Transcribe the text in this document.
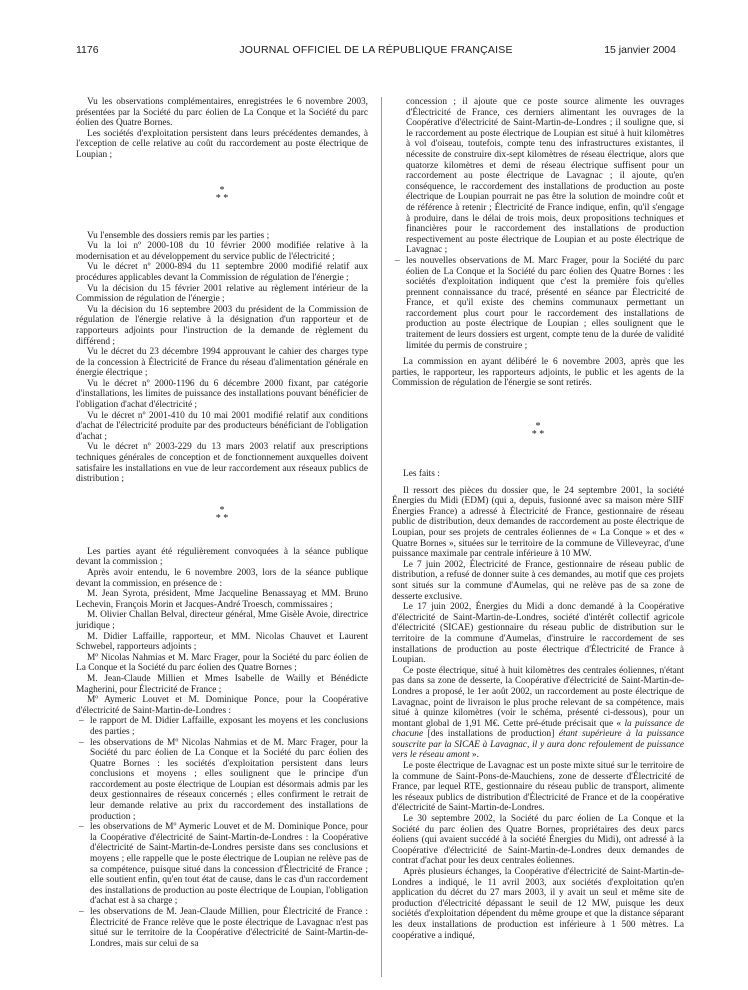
1176	JOURNAL OFFICIEL DE LA RÉPUBLIQUE FRANÇAISE	15 janvier 2004

Vu les observations complémentaires, enregistrées le 6 novembre 2003, présentées par la Société du parc éolien de La Conque et la Société du parc éolien des Quatre Bornes.

Les sociétés d'exploitation persistent dans leurs précédentes demandes, à l'exception de celle relative au coût du raccordement au poste électrique de Loupian ;

*
* *

Vu l'ensemble des dossiers remis par les parties ;

Vu la loi nº 2000-108 du 10 février 2000 modifiée relative à la modernisation et au développement du service public de l'électricité ;

Vu le décret nº 2000-894 du 11 septembre 2000 modifié relatif aux procédures applicables devant la Commission de régulation de l'énergie ;

Vu la décision du 15 février 2001 relative au règlement intérieur de la Commission de régulation de l'énergie ;

Vu la décision du 16 septembre 2003 du président de la Commission de régulation de l'énergie relative à la désignation d'un rapporteur et de rapporteurs adjoints pour l'instruction de la demande de règlement du différend ;

Vu le décret du 23 décembre 1994 approuvant le cahier des charges type de la concession à Électricité de France du réseau d'alimentation générale en énergie électrique ;

Vu le décret nº 2000-1196 du 6 décembre 2000 fixant, par catégorie d'installations, les limites de puissance des installations pouvant bénéficier de l'obligation d'achat d'électricité ;

Vu le décret nº 2001-410 du 10 mai 2001 modifié relatif aux conditions d'achat de l'électricité produite par des producteurs bénéficiant de l'obligation d'achat ;

Vu le décret nº 2003-229 du 13 mars 2003 relatif aux prescriptions techniques générales de conception et de fonctionnement auxquelles doivent satisfaire les installations en vue de leur raccordement aux réseaux publics de distribution ;

*
* *

Les parties ayant été régulièrement convoquées à la séance publique devant la commission ;

Après avoir entendu, le 6 novembre 2003, lors de la séance publique devant la commission, en présence de :

M. Jean Syrota, président, Mme Jacqueline Benassayag et MM. Bruno Lechevin, François Morin et Jacques-André Troesch, commissaires ;

M. Olivier Challan Belval, directeur général, Mme Gisèle Avoie, directrice juridique ;

M. Didier Laffaille, rapporteur, et MM. Nicolas Chauvet et Laurent Schwebel, rapporteurs adjoints ;

Mº Nicolas Nahmias et M. Marc Frager, pour la Société du parc éolien de La Conque et la Société du parc éolien des Quatre Bornes ;

M. Jean-Claude Millien et Mmes Isabelle de Wailly et Bénédicte Magherini, pour Électricité de France ;

Mº Aymeric Louvet et M. Dominique Ponce, pour la Coopérative d'électricité de Saint-Martin-de-Londres :

– le rapport de M. Didier Laffaille, exposant les moyens et les conclusions des parties ;
– les observations de Mº Nicolas Nahmias et de M. Marc Frager, pour la Société du parc éolien de La Conque et la Société du parc éolien des Quatre Bornes : les sociétés d'exploitation persistent dans leurs conclusions et moyens ; elles soulignent que le principe d'un raccordement au poste électrique de Loupian est désormais admis par les deux gestionnaires de réseaux concernés ; elles confirment le retrait de leur demande relative au prix du raccordement des installations de production ;
– les observations de Mº Aymeric Louvet et de M. Dominique Ponce, pour la Coopérative d'électricité de Saint-Martin-de-Londres : la Coopérative d'électricité de Saint-Martin-de-Londres persiste dans ses conclusions et moyens ; elle rappelle que le poste électrique de Loupian ne relève pas de sa compétence, puisque situé dans la concession d'Électricité de France ; elle soutient enfin, qu'en tout état de cause, dans le cas d'un raccordement des installations de production au poste électrique de Loupian, l'obligation d'achat est à sa charge ;
– les observations de M. Jean-Claude Millien, pour Électricité de France : Électricité de France relève que le poste électrique de Lavagnac n'est pas situé sur le territoire de la Coopérative d'électricité de Saint-Martin-de-Londres, mais sur celui de sa

concession ; il ajoute que ce poste source alimente les ouvrages d'Électricité de France, ces derniers alimentant les ouvrages de la Coopérative d'électricité de Saint-Martin-de-Londres ; il souligne que, si le raccordement au poste électrique de Loupian est situé à huit kilomètres à vol d'oiseau, toutefois, compte tenu des infrastructures existantes, il nécessite de construire dix-sept kilomètres de réseau électrique, alors que quatorze kilomètres et demi de réseau électrique suffisent pour un raccordement au poste électrique de Lavagnac ; il ajoute, qu'en conséquence, le raccordement des installations de production au poste électrique de Loupian pourrait ne pas être la solution de moindre coût et de référence à retenir ; Électricité de France indique, enfin, qu'il s'engage à produire, dans le délai de trois mois, deux propositions techniques et financières pour le raccordement des installations de production respectivement au poste électrique de Loupian et au poste électrique de Lavagnac ;

– les nouvelles observations de M. Marc Frager, pour la Société du parc éolien de La Conque et la Société du parc éolien des Quatre Bornes : les sociétés d'exploitation indiquent que c'est la première fois qu'elles prennent connaissance du tracé, présenté en séance par Électricité de France, et qu'il existe des chemins communaux permettant un raccordement plus court pour le raccordement des installations de production au poste électrique de Loupian ; elles soulignent que le traitement de leurs dossiers est urgent, compte tenu de la durée de validité limitée du permis de construire ;

La commission en ayant délibéré le 6 novembre 2003, après que les parties, le rapporteur, les rapporteurs adjoints, le public et les agents de la Commission de régulation de l'énergie se sont retirés.

*
* *

Les faits :

Il ressort des pièces du dossier que, le 24 septembre 2001, la société Énergies du Midi (EDM) (qui a, depuis, fusionné avec sa maison mère SIIF Énergies France) a adressé à Électricité de France, gestionnaire de réseau public de distribution, deux demandes de raccordement au poste électrique de Loupian, pour ses projets de centrales éoliennes de « La Conque » et des « Quatre Bornes », situées sur le territoire de la commune de Villeveyrac, d'une puissance maximale par centrale inférieure à 10 MW.

Le 7 juin 2002, Électricité de France, gestionnaire de réseau public de distribution, a refusé de donner suite à ces demandes, au motif que ces projets sont situés sur la commune d'Aumelas, qui ne relève pas de sa zone de desserte exclusive.

Le 17 juin 2002, Énergies du Midi a donc demandé à la Coopérative d'électricité de Saint-Martin-de-Londres, société d'intérêt collectif agricole d'électricité (SICAE) gestionnaire du réseau public de distribution sur le territoire de la commune d'Aumelas, d'instruire le raccordement de ses installations de production au poste électrique d'Électricité de France à Loupian.

Ce poste électrique, situé à huit kilomètres des centrales éoliennes, n'étant pas dans sa zone de desserte, la Coopérative d'électricité de Saint-Martin-de-Londres a proposé, le 1er août 2002, un raccordement au poste électrique de Lavagnac, point de livraison le plus proche relevant de sa compétence, mais situé à quinze kilomètres (voir le schéma, présenté ci-dessous), pour un montant global de 1,91 M€. Cette pré-étude précisait que « la puissance de chacune [des installations de production] étant supérieure à la puissance souscrite par la SICAE à Lavagnac, il y aura donc refoulement de puissance vers le réseau amont ».

Le poste électrique de Lavagnac est un poste mixte situé sur le territoire de la commune de Saint-Pons-de-Mauchiens, zone de desserte d'Électricité de France, par lequel RTE, gestionnaire du réseau public de transport, alimente les réseaux publics de distribution d'Électricité de France et de la coopérative d'électricité de Saint-Martin-de-Londres.

Le 30 septembre 2002, la Société du parc éolien de La Conque et la Société du parc éolien des Quatre Bornes, propriétaires des deux parcs éoliens (qui avaient succédé à la société Énergies du Midi), ont adressé à la Coopérative d'électricité de Saint-Martin-de-Londres deux demandes de contrat d'achat pour les deux centrales éoliennes.

Après plusieurs échanges, la Coopérative d'électricité de Saint-Martin-de-Londres a indiqué, le 11 avril 2003, aux sociétés d'exploitation qu'en application du décret du 27 mars 2003, il y avait un seul et même site de production d'électricité dépassant le seuil de 12 MW, puisque les deux sociétés d'exploitation dépendent du même groupe et que la distance séparant les deux installations de production est inférieure à 1 500 mètres. La coopérative a indiqué,
